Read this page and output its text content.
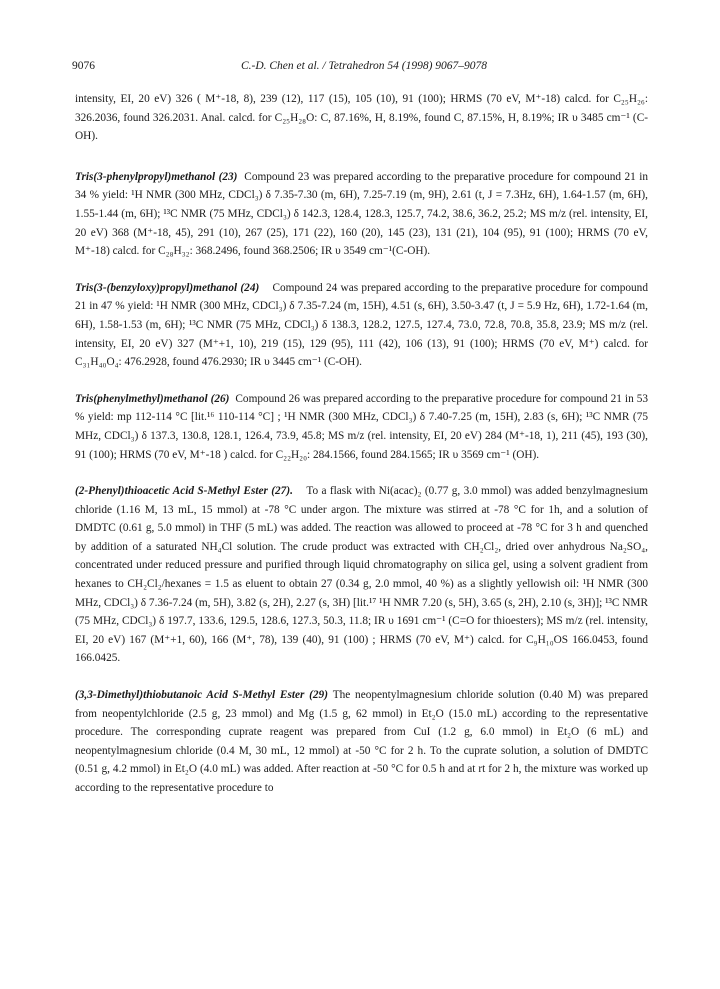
9076	C.-D. Chen et al. / Tetrahedron 54 (1998) 9067–9078

intensity, EI, 20 eV) 326 ( M⁺-18, 8), 239 (12), 117 (15), 105 (10), 91 (100); HRMS (70 eV, M⁺-18) calcd. for C₂₅H₂₆: 326.2036, found 326.2031. Anal. calcd. for C₂₅H₂₈O: C, 87.16%, H, 8.19%, found C, 87.15%, H, 8.19%; IR υ 3485 cm⁻¹ (C-OH).

Tris(3-phenylpropyl)methanol (23) Compound 23 was prepared according to the preparative procedure for compound 21 in 34 % yield: ¹H NMR (300 MHz, CDCl₃) δ 7.35-7.30 (m, 6H), 7.25-7.19 (m, 9H), 2.61 (t, J = 7.3Hz, 6H), 1.64-1.57 (m, 6H), 1.55-1.44 (m, 6H); ¹³C NMR (75 MHz, CDCl₃) δ 142.3, 128.4, 128.3, 125.7, 74.2, 38.6, 36.2, 25.2; MS m/z (rel. intensity, EI, 20 eV) 368 (M⁺-18, 45), 291 (10), 267 (25), 171 (22), 160 (20), 145 (23), 131 (21), 104 (95), 91 (100); HRMS (70 eV, M⁺-18) calcd. for C₂₈H₃₂: 368.2496, found 368.2506; IR υ 3549 cm⁻¹(C-OH).

Tris(3-(benzyloxy)propyl)methanol (24) Compound 24 was prepared according to the preparative procedure for compound 21 in 47 % yield: ¹H NMR (300 MHz, CDCl₃) δ 7.35-7.24 (m, 15H), 4.51 (s, 6H), 3.50-3.47 (t, J = 5.9 Hz, 6H), 1.72-1.64 (m, 6H), 1.58-1.53 (m, 6H); ¹³C NMR (75 MHz, CDCl₃) δ 138.3, 128.2, 127.5, 127.4, 73.0, 72.8, 70.8, 35.8, 23.9; MS m/z (rel. intensity, EI, 20 eV) 327 (M⁺+1, 10), 219 (15), 129 (95), 111 (42), 106 (13), 91 (100); HRMS (70 eV, M⁺) calcd. for C₃₁H₄₀O₄: 476.2928, found 476.2930; IR υ 3445 cm⁻¹ (C-OH).

Tris(phenylmethyl)methanol (26) Compound 26 was prepared according to the preparative procedure for compound 21 in 53 % yield: mp 112-114 °C [lit.¹⁶ 110-114 °C] ; ¹H NMR (300 MHz, CDCl₃) δ 7.40-7.25 (m, 15H), 2.83 (s, 6H); ¹³C NMR (75 MHz, CDCl₃) δ 137.3, 130.8, 128.1, 126.4, 73.9, 45.8; MS m/z (rel. intensity, EI, 20 eV) 284 (M⁺-18, 1), 211 (45), 193 (30), 91 (100); HRMS (70 eV, M⁺-18 ) calcd. for C₂₂H₂₀: 284.1566, found 284.1565; IR υ 3569 cm⁻¹ (OH).

(2-Phenyl)thioacetic Acid S-Methyl Ester (27). To a flask with Ni(acac)₂ (0.77 g, 3.0 mmol) was added benzylmagnesium chloride (1.16 M, 13 mL, 15 mmol) at -78 °C under argon. The mixture was stirred at -78 °C for 1h, and a solution of DMDTC (0.61 g, 5.0 mmol) in THF (5 mL) was added. The reaction was allowed to proceed at -78 °C for 3 h and quenched by addition of a saturated NH₄Cl solution. The crude product was extracted with CH₂Cl₂, dried over anhydrous Na₂SO₄, concentrated under reduced pressure and purified through liquid chromatography on silica gel, using a solvent gradient from hexanes to CH₂Cl₂/hexanes = 1.5 as eluent to obtain 27 (0.34 g, 2.0 mmol, 40 %) as a slightly yellowish oil: ¹H NMR (300 MHz, CDCl₃) δ 7.36-7.24 (m, 5H), 3.82 (s, 2H), 2.27 (s, 3H) [lit.¹⁷ ¹H NMR 7.20 (s, 5H), 3.65 (s, 2H), 2.10 (s, 3H)]; ¹³C NMR (75 MHz, CDCl₃) δ 197.7, 133.6, 129.5, 128.6, 127.3, 50.3, 11.8; IR υ 1691 cm⁻¹ (C=O for thioesters); MS m/z (rel. intensity, EI, 20 eV) 167 (M⁺+1, 60), 166 (M⁺, 78), 139 (40), 91 (100) ; HRMS (70 eV, M⁺) calcd. for C₉H₁₀OS 166.0453, found 166.0425.

(3,3-Dimethyl)thiobutanoic Acid S-Methyl Ester (29) The neopentylmagnesium chloride solution (0.40 M) was prepared from neopentylchloride (2.5 g, 23 mmol) and Mg (1.5 g, 62 mmol) in Et₂O (15.0 mL) according to the representative procedure. The corresponding cuprate reagent was prepared from CuI (1.2 g, 6.0 mmol) in Et₂O (6 mL) and neopentylmagnesium chloride (0.4 M, 30 mL, 12 mmol) at -50 °C for 2 h. To the cuprate solution, a solution of DMDTC (0.51 g, 4.2 mmol) in Et₂O (4.0 mL) was added. After reaction at -50 °C for 0.5 h and at rt for 2 h, the mixture was worked up according to the representative procedure to
